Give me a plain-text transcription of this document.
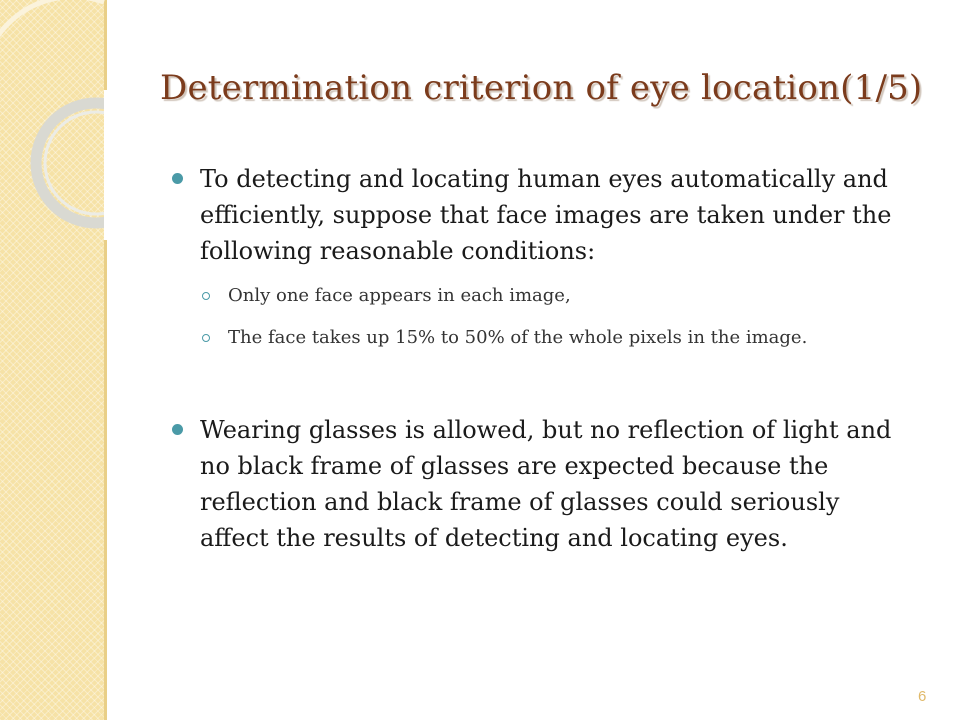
Determination criterion of eye location(1/5)

To detecting and locating human eyes automatically and efficiently, suppose that face images are taken under the following reasonable conditions:

Only one face appears in each image,

The face takes up 15% to 50% of the whole pixels in the image.

Wearing glasses is allowed, but no reflection of light and no black frame of glasses are expected because the reflection and black frame of glasses could seriously affect the results of detecting and locating eyes.

6
